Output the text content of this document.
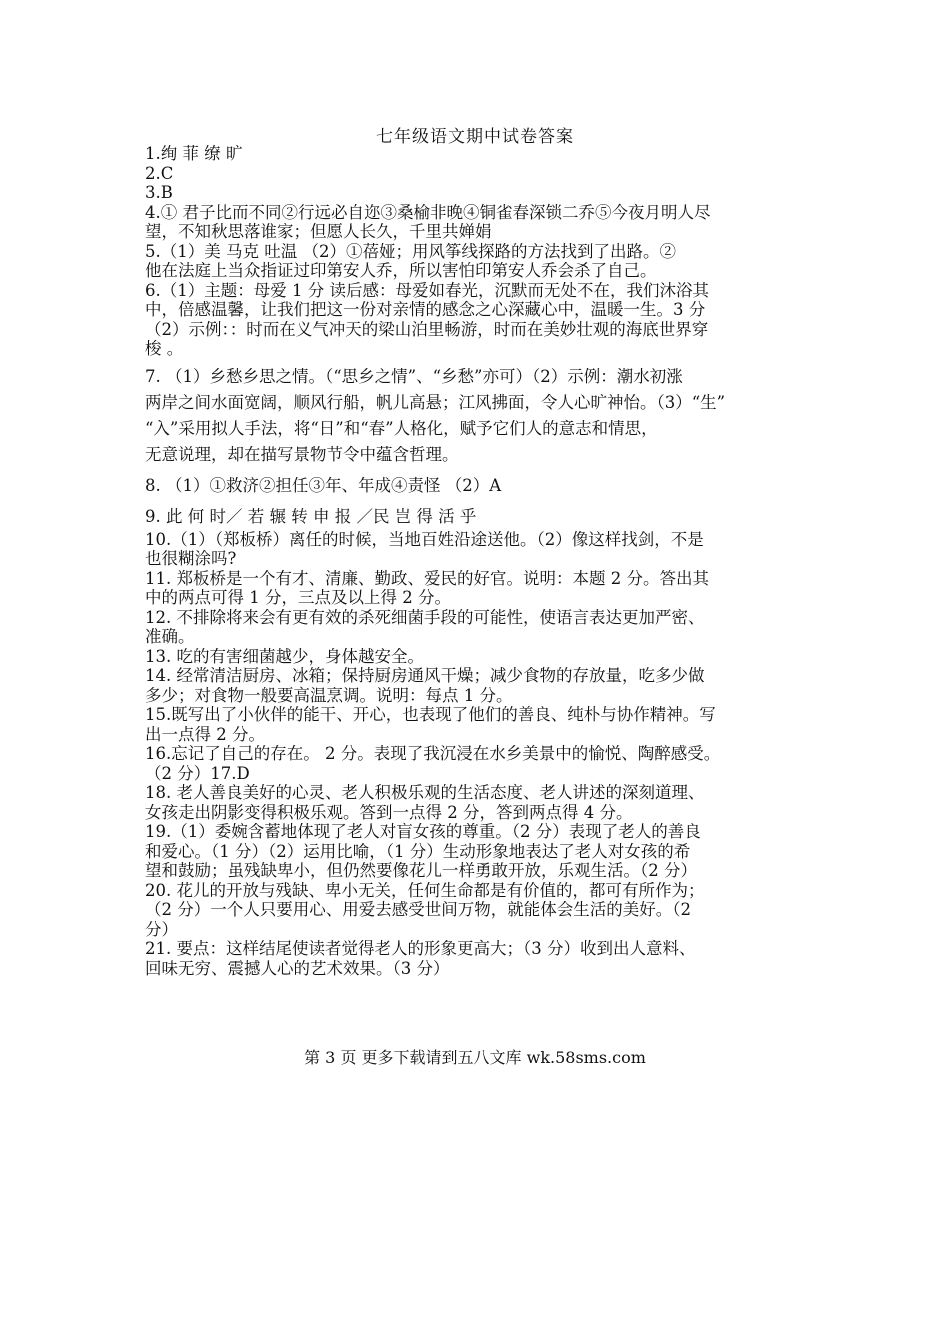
七年级语文期中试卷答案
1.绚 菲 缭 旷
2.C
3.B
4.① 君子比而不同②行远必自迩③桑榆非晚④铜雀春深锁二乔⑤今夜月明人尽
望，不知秋思落谁家；但愿人长久，千里共婵娟
5.（1）美 马克 吐温 （2）①蓓娅；用风筝线探路的方法找到了出路。②
他在法庭上当众指证过印第安人乔，所以害怕印第安人乔会杀了自己。
6.（1）主题：母爱 1 分 读后感：母爱如春光，沉默而无处不在，我们沐浴其
中，倍感温馨，让我们把这一份对亲情的感念之心深藏心中，温暖一生。3 分
（2）示例：：时而在义气冲天的梁山泊里畅游，时而在美妙壮观的海底世界穿
梭 。
7. （1）乡愁乡思之情。（“思乡之情”、“乡愁”亦可）（2）示例：潮水初涨
两岸之间水面宽阔，顺风行船，帆儿高悬；江风拂面，令人心旷神怡。（3）“生”
“入”采用拟人手法，将“日”和“春”人格化，赋予它们人的意志和情思，
无意说理，却在描写景物节令中蕴含哲理。
8. （1）①救济②担任③年、年成④责怪 （2）A
9. 此 何 时／ 若 辗 转 申 报 ／民 岂 得 活 乎
10.（1）（郑板桥）离任的时候，当地百姓沿途送他。（2）像这样找剑，不是
也很糊涂吗?
11. 郑板桥是一个有才、清廉、勤政、爱民的好官。说明：本题 2 分。答出其
中的两点可得 1 分，三点及以上得 2 分。
12. 不排除将来会有更有效的杀死细菌手段的可能性，使语言表达更加严密、
准确。
13. 吃的有害细菌越少，身体越安全。
14. 经常清洁厨房、冰箱；保持厨房通风干燥；减少食物的存放量，吃多少做
多少；对食物一般要高温烹调。说明：每点 1 分。
15.既写出了小伙伴的能干、开心，也表现了他们的善良、纯朴与协作精神。写
出一点得 2 分。
16.忘记了自己的存在。 2 分。表现了我沉浸在水乡美景中的愉悦、陶醉感受。
（2 分）17.D
18. 老人善良美好的心灵、老人积极乐观的生活态度、老人讲述的深刻道理、
女孩走出阴影变得积极乐观。答到一点得 2 分，答到两点得 4 分。
19.（1）委婉含蓄地体现了老人对盲女孩的尊重。（2 分）表现了老人的善良
和爱心。（1 分）（2）运用比喻，（1 分）生动形象地表达了老人对女孩的希
望和鼓励；虽残缺卑小，但仍然要像花儿一样勇敢开放，乐观生活。（2 分）
20. 花儿的开放与残缺、卑小无关，任何生命都是有价值的，都可有所作为；
（2 分）一个人只要用心、用爱去感受世间万物，就能体会生活的美好。（2
分）
21. 要点：这样结尾使读者觉得老人的形象更高大；（3 分）收到出人意料、
回味无穷、震撼人心的艺术效果。（3 分）
第 3 页 更多下载请到五八文库 wk.58sms.com
